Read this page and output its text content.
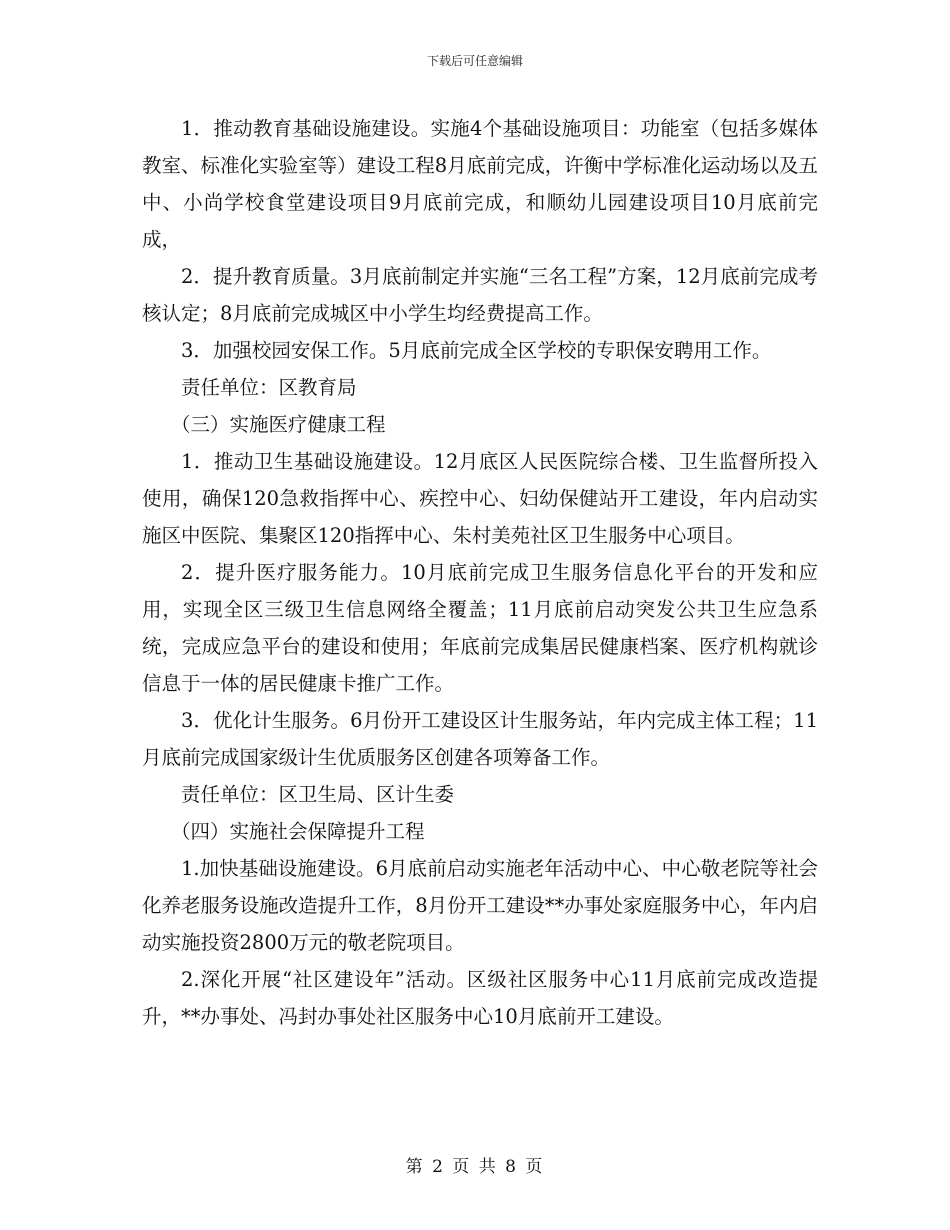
下载后可任意编辑

1．推动教育基础设施建设。实施4个基础设施项目：功能室（包括多媒体教室、标准化实验室等）建设工程8月底前完成，许衡中学标准化运动场以及五中、小尚学校食堂建设项目9月底前完成，和顺幼儿园建设项目10月底前完成，

2．提升教育质量。3月底前制定并实施“三名工程”方案，12月底前完成考核认定；8月底前完成城区中小学生均经费提高工作。

3．加强校园安保工作。5月底前完成全区学校的专职保安聘用工作。

责任单位：区教育局

（三）实施医疗健康工程

1．推动卫生基础设施建设。12月底区人民医院综合楼、卫生监督所投入使用，确保120急救指挥中心、疾控中心、妇幼保健站开工建设，年内启动实施区中医院、集聚区120指挥中心、朱村美苑社区卫生服务中心项目。

2．提升医疗服务能力。10月底前完成卫生服务信息化平台的开发和应用，实现全区三级卫生信息网络全覆盖；11月底前启动突发公共卫生应急系统，完成应急平台的建设和使用；年底前完成集居民健康档案、医疗机构就诊信息于一体的居民健康卡推广工作。

3．优化计生服务。6月份开工建设区计生服务站，年内完成主体工程；11月底前完成国家级计生优质服务区创建各项筹备工作。

责任单位：区卫生局、区计生委

（四）实施社会保障提升工程

1.加快基础设施建设。6月底前启动实施老年活动中心、中心敬老院等社会化养老服务设施改造提升工作，8月份开工建设**办事处家庭服务中心，年内启动实施投资2800万元的敬老院项目。

2.深化开展“社区建设年”活动。区级社区服务中心11月底前完成改造提升，**办事处、冯封办事处社区服务中心10月底前开工建设。

第 2 页 共 8 页
